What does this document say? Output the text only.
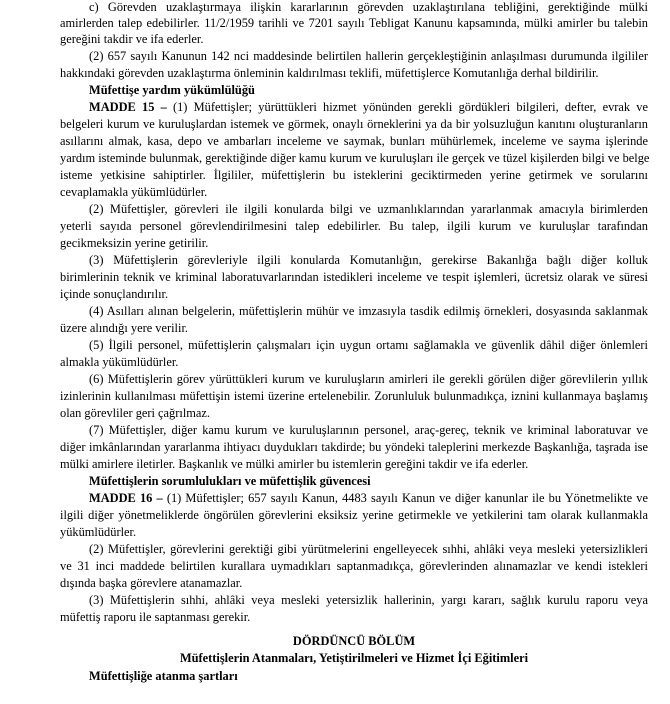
c) Görevden uzaklaştırmaya ilişkin kararlarının görevden uzaklaştırılana tebliğini, gerektiğinde mülki
amirlerden talep edebilirler. 11/2/1959 tarihli ve 7201 sayılı Tebligat Kanunu kapsamında, mülki amirler bu talebin
gereğini takdir ve ifa ederler.
(2) 657 sayılı Kanunun 142 nci maddesinde belirtilen hallerin gerçekleştiğinin anlaşılması durumunda ilgililer
hakkındaki görevden uzaklaştırma önleminin kaldırılması teklifi, müfettişlerce Komutanlığa derhal bildirilir.
Müfettişe yardım yükümlülüğü
MADDE 15 – (1) Müfettişler; yürüttükleri hizmet yönünden gerekli gördükleri bilgileri, defter, evrak ve
belgeleri kurum ve kuruluşlardan istemek ve görmek, onaylı örneklerini ya da bir yolsuzluğun kanıtını oluşturanların
asıllarını almak, kasa, depo ve ambarları inceleme ve saymak, bunları mühürlemek, inceleme ve sayma işlerinde
yardım isteminde bulunmak, gerektiğinde diğer kamu kurum ve kuruluşları ile gerçek ve tüzel kişilerden bilgi ve belge
isteme yetkisine sahiptirler. İlgililer, müfettişlerin bu isteklerini geciktirmeden yerine getirmek ve sorularını
cevaplamakla yükümlüdürler.
(2) Müfettişler, görevleri ile ilgili konularda bilgi ve uzmanlıklarından yararlanmak amacıyla birimlerden
yeterli sayıda personel görevlendirilmesini talep edebilirler. Bu talep, ilgili kurum ve kuruluşlar tarafından
gecikmeksizin yerine getirilir.
(3) Müfettişlerin görevleriyle ilgili konularda Komutanlığın, gerekirse Bakanlığa bağlı diğer kolluk
birimlerinin teknik ve kriminal laboratuvarlarından istedikleri inceleme ve tespit işlemleri, ücretsiz olarak ve süresi
içinde sonuçlandırılır.
(4) Asılları alınan belgelerin, müfettişlerin mühür ve imzasıyla tasdik edilmiş örnekleri, dosyasında saklanmak
üzere alındığı yere verilir.
(5) İlgili personel, müfettişlerin çalışmaları için uygun ortamı sağlamakla ve güvenlik dâhil diğer önlemleri
almakla yükümlüdürler.
(6) Müfettişlerin görev yürüttükleri kurum ve kuruluşların amirleri ile gerekli görülen diğer görevlilerin yıllık
izinlerinin kullanılması müfettişin istemi üzerine ertelenebilir. Zorunluluk bulunmadıkça, iznini kullanmaya başlamış
olan görevliler geri çağrılmaz.
(7) Müfettişler, diğer kamu kurum ve kuruluşlarının personel, araç-gereç, teknik ve kriminal laboratuvar ve
diğer imkânlarından yararlanma ihtiyacı duydukları takdirde; bu yöndeki taleplerini merkezde Başkanlığa, taşrada ise
mülki amirlere iletirler. Başkanlık ve mülki amirler bu istemlerin gereğini takdir ve ifa ederler.
Müfettişlerin sorumlulukları ve müfettişlik güvencesi
MADDE 16 – (1) Müfettişler; 657 sayılı Kanun, 4483 sayılı Kanun ve diğer kanunlar ile bu Yönetmelikte ve
ilgili diğer yönetmeliklerde öngörülen görevlerini eksiksiz yerine getirmekle ve yetkilerini tam olarak kullanmakla
yükümlüdürler.
(2) Müfettişler, görevlerini gerektiği gibi yürütmelerini engelleyecek sıhhi, ahlâki veya mesleki yetersizlikleri
ve 31 inci maddede belirtilen kurallara uymadıkları saptanmadıkça, görevlerinden alınamazlar ve kendi istekleri
dışında başka görevlere atanamazlar.
(3) Müfettişlerin sıhhi, ahlâki veya mesleki yetersizlik hallerinin, yargı kararı, sağlık kurulu raporu veya
müfettiş raporu ile saptanması gerekir.
DÖRDÜNCÜ BÖLÜM
Müfettişlerin Atanmaları, Yetiştirilmeleri ve Hizmet İçi Eğitimleri
Müfettişliğe atanma şartları
